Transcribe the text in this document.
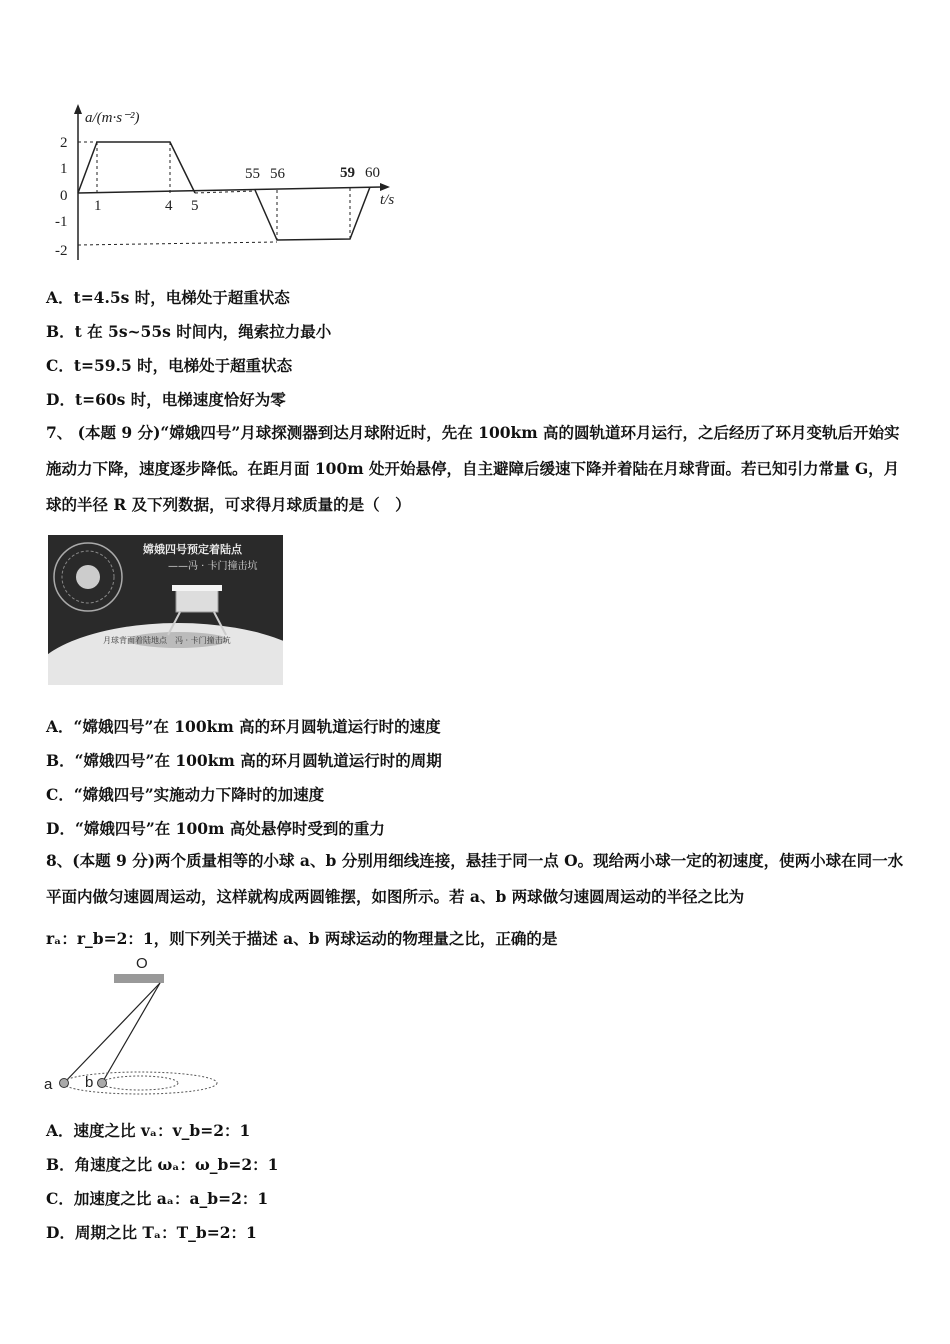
2
1
0
-1
-2
1	4 5
55 56	59 60
a/(m·s⁻²)
t/s
A．t=4.5s 时，电梯处于超重状态
B．t 在 5s~55s 时间内，绳索拉力最小
C．t=59.5 时，电梯处于超重状态
D．t=60s 时，电梯速度恰好为零
7、 (本题 9 分)“嫦娥四号”月球探测器到达月球附近时，先在 100km 高的圆轨道环月运行，之后经历了环月变轨后开始实施动力下降，速度逐步降低。在距月面 100m 处开始悬停，自主避障后缓速下降并着陆在月球背面。若已知引力常量 G，月球的半径 R 及下列数据，可求得月球质量的是（　）
嫦娥四号预定着陆点
——冯 · 卡门撞击坑
月球背面着陆地点　冯 · 卡门撞击坑
A．“嫦娥四号”在 100km 高的环月圆轨道运行时的速度
B．“嫦娥四号”在 100km 高的环月圆轨道运行时的周期
C．“嫦娥四号”实施动力下降时的加速度
D．“嫦娥四号”在 100m 高处悬停时受到的重力
8、(本题 9 分)两个质量相等的小球 a、b 分别用细线连接，悬挂于同一点 O。现给两小球一定的初速度，使两小球在同一水平面内做匀速圆周运动，这样就构成两圆锥摆，如图所示。若 a、b 两球做匀速圆周运动的半径之比为
rₐ：r_b=2：1，则下列关于描述 a、b 两球运动的物理量之比，正确的是
O
a b
A．速度之比 vₐ：v_b=2：1
B．角速度之比 ωₐ：ω_b=2：1
C．加速度之比 aₐ：a_b=2：1
D．周期之比 Tₐ：T_b=2：1
